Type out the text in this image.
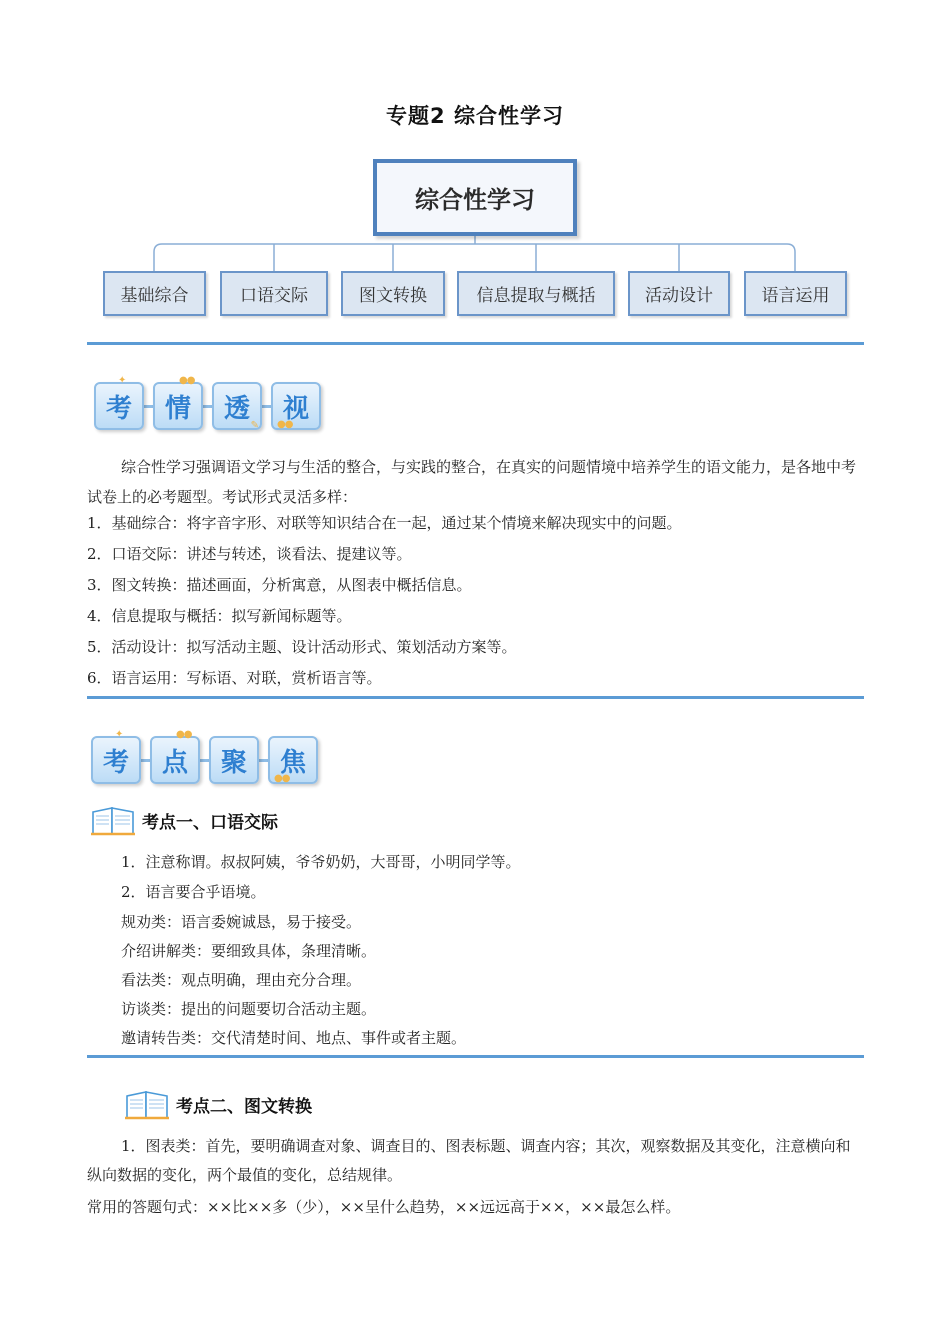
专题2 综合性学习
综合性学习
基础综合	口语交际	图文转换	信息提取与概括	活动设计	语言运用
考
✦
情
●●
透
✎
视
●●
综合性学习强调语文学习与生活的整合，与实践的整合，在真实的问题情境中培养学生的语文能力，是各地中考试卷上的必考题型。考试形式灵活多样：
1．基础综合：将字音字形、对联等知识结合在一起，通过某个情境来解决现实中的问题。
2．口语交际：讲述与转述，谈看法、提建议等。
3．图文转换：描述画面，分析寓意，从图表中概括信息。
4．信息提取与概括：拟写新闻标题等。
5．活动设计：拟写活动主题、设计活动形式、策划活动方案等。
6．语言运用：写标语、对联，赏析语言等。
考
✦
点
●●
聚 焦
●●
考点一、口语交际
1．注意称谓。叔叔阿姨，爷爷奶奶，大哥哥，小明同学等。
2．语言要合乎语境。
规劝类：语言委婉诚恳，易于接受。
介绍讲解类：要细致具体，条理清晰。
看法类：观点明确，理由充分合理。
访谈类：提出的问题要切合活动主题。
邀请转告类：交代清楚时间、地点、事件或者主题。
考点二、图文转换
1．图表类：首先，要明确调查对象、调查目的、图表标题、调查内容；其次，观察数据及其变化，注意横向和纵向数据的变化，两个最值的变化，总结规律。
常用的答题句式：××比××多（少），××呈什么趋势，××远远高于××，××最怎么样。
